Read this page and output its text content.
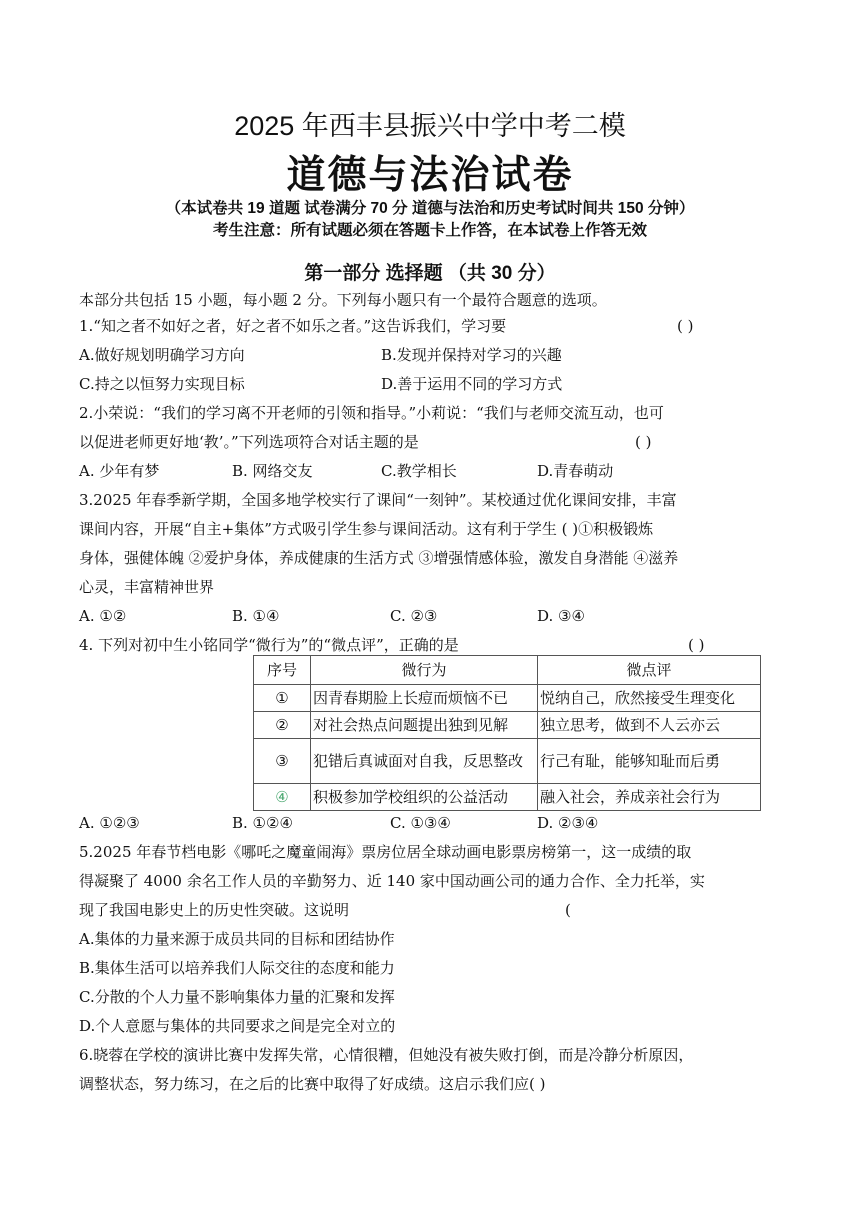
2025 年西丰县振兴中学中考二模
道德与法治试卷
（本试卷共 19 道题 试卷满分 70 分 道德与法治和历史考试时间共 150 分钟）
考生注意：所有试题必须在答题卡上作答，在本试卷上作答无效
第一部分 选择题 （共 30 分）
本部分共包括 15 小题，每小题 2 分。下列每小题只有一个最符合题意的选项。
1.“知之者不如好之者，好之者不如乐之者。”这告诉我们，学习要	( )
A.做好规划明确学习方向	B.发现并保持对学习的兴趣
C.持之以恒努力实现目标	D.善于运用不同的学习方式
2.小荣说：“我们的学习离不开老师的引领和指导。”小莉说：“我们与老师交流互动，也可
以促进老师更好地‘教’。”下列选项符合对话主题的是	( )
A. 少年有梦	B. 网络交友	C.教学相长	D.青春萌动
3.2025 年春季新学期，全国多地学校实行了课间“一刻钟”。某校通过优化课间安排，丰富
课间内容，开展“自主+集体”方式吸引学生参与课间活动。这有利于学生 ( )①积极锻炼
身体，强健体魄 ②爱护身体，养成健康的生活方式 ③增强情感体验，激发自身潜能 ④滋养
心灵，丰富精神世界
A. ①②	B. ①④	C. ②③	D. ③④
4. 下列对初中生小铭同学“微行为”的“微点评”，正确的是	( )
序号	微行为	微点评
①	因青春期脸上长痘而烦恼不已	悦纳自己，欣然接受生理变化
②	对社会热点问题提出独到见解	独立思考，做到不人云亦云
③	犯错后真诚面对自我，反思整改	行己有耻，能够知耻而后勇
④	积极参加学校组织的公益活动	融入社会，养成亲社会行为
A. ①②③	B. ①②④	C. ①③④	D. ②③④
5.2025 年春节档电影《哪吒之魔童闹海》票房位居全球动画电影票房榜第一，这一成绩的取
得凝聚了 4000 余名工作人员的辛勤努力、近 140 家中国动画公司的通力合作、全力托举，实
现了我国电影史上的历史性突破。这说明	(
A.集体的力量来源于成员共同的目标和团结协作
B.集体生活可以培养我们人际交往的态度和能力
C.分散的个人力量不影响集体力量的汇聚和发挥
D.个人意愿与集体的共同要求之间是完全对立的
6.晓蓉在学校的演讲比赛中发挥失常，心情很糟，但她没有被失败打倒，而是冷静分析原因，
调整状态，努力练习，在之后的比赛中取得了好成绩。这启示我们应( )
